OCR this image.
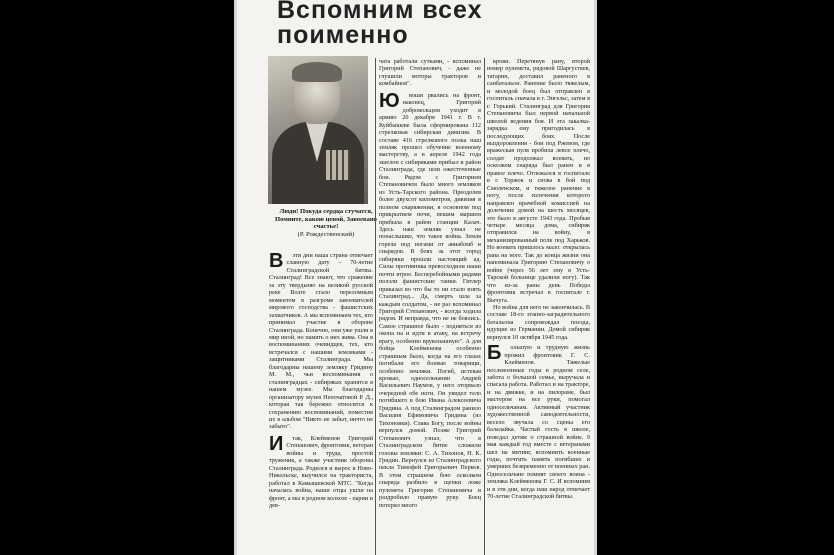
Вспомним всех
поименно
Люди! Покуда сердца стучатся, Помните, какою ценой, Завоевано счастье!
(Р. Рождественский)

В эти дни наша страна отмечает славную дату - 70-летие Сталинградской битвы. Сталинград! Все знают, что сражение за эту твердыню на великой русской реке Волге стало переломным моментом в разгроме завоевателей мирового господства - фашистских захватчиков. А мы вспоминаем тех, кто принимал участие в обороне Сталинграда. Конечно, они уже ушли в мир иной, но память о них жива. Она в воспоминаниях очевидцев, тех, кто встречался с нашими земляками - защитниками Сталинграда. Мы благодарны нашему земляку Гридину М. М., чьи воспоминания о сталинградцах - сибиряках хранятся в нашем музее. Мы благодарны организатору музея Непочатовой Р. Д., которая так бережно относится к сохранению воспоминаний, поместив их в альбом "Никто не забыт, ничто не забыто".

И так, Клейменов Григорий Степанович, фронтовик, ветеран войны и труда, простой труженик, а также участник обороны Сталинграда. Родился и вырос в Ново-Никольске, выучился на тракториста, работал в Камышевской МТС. "Когда началась война, наши отцы ушли на фронт, а мы в родном колхозе - парни и дев-

чата работали сутками, - вспоминал Григорий Степанович, - даже не глушили моторы тракторов и комбайнов".

Ю ноши рвались на фронт, наконец, Григорий добровольцем уходит в армию 20 декабря 1941 г. В г. Куйбышеве была сформирована 112 стрелковая сибирская дивизия. В составе 416 стрелкового полка наш земляк прошел обучение военному мастерству, а в апреле 1942 года эшелон с сибиряками прибыл в район Сталинграда, где шли ожесточенные бои. Рядом с Григорием Степановичем было много земляков из Усть-Тарского района. Преодолев более двухсот километров, дивизия в полном снаряжении, в основном под прикрытием ночи, пешим маршем прибыла в район станции Калач. Здесь наш земляк узнал не понаслышке, что такое война. Земля горела под ногами от авиабомб и снарядов. В боях за этот город сибиряки прошли настоящий ад. Силы противника превосходили наши почти втрое. Бесперебойными рядами ползли фашистские танки. Гитлер приказал во что бы то ни стало взять Сталинград... Да, смерть шла за каждым солдатом, - не раз вспоминал Григорий Степанович, - всегда ходила рядом. И неправда, что не не боялись. Самое страшное было - подняться из окопа на и идти в атаку, на встречу врагу, особенно врукопашную". А для бойца Клейменова особенно страшным было, когда на его глазах погибали его боевые товарищи, особенно земляки. Погиб, истекая кровью, одноcельчанин Андрей Васильевич Наумов, у него оторвало очередной обе ноги. Он увидел тело погибшего в бою Ивана Алексеевича Гридина. А под Сталинградом ранило Василия Ефимовича Гридина (из Тихоновки). Слава Богу, после войны вернулся домой. Позже Григорий Степанович узнал, что в Сталинградском битве сложили головы земляки: С. А. Тихонов, Н. К. Гридин. Вернулся из Сталинградского пекла Тимофей Григорьевич Перков. В этом страшном бою осколком снаряда разбило в щепки ложе пулемета Григория Степановича и раздробило правую руку. Боец потерял много

крови. Перетянув рану, второй номер пулемета, рядовой Шаргустяев, татарин, доставил раненого в санбатальон. Ранение было тяжелым, и молодой боец был отправлен в госпиталь сначала в г. Энгельс, затем в г. Горький. Сталинград для Григория Степановича был первой начальной школой ведения боя. И эта закалка-зарядка ему пригодилась в последующих боях. После выздоровления - бои под Ржевом, где вражеская пуля пробила левое плечо, солдат продолжал воевать, но осколком снаряда был ранен и в правое плечо. Отлежался в госпитале в г. Торжок и снова в бой под Смоленском, и тяжелое ранение в ногу, после излечения которого направлен врачебной комиссией на долечение домой на шесть месяцев, это было в августе 1943 года. Пробыв четыре месяца дома, сибиряк отправился на войну, в механизированный полк под Харьков. Но воевать пришлось мало: открылась рана на ноге. Так до конца жизни она напоминала Григорию Степановичу о войне (через 56 лет ему в Усть-Тарской больнице удалили ногу). Так что из-за раны день Победы фронтовик встречал в госпитале г. Вычуга.

Но война для него не закончилась. В составе 18-го этапно-заградительного батальона сопровождал поезда, идущие из Германии. Домой сибиряк вернулся 10 октября 1945 года.

Б ольшую и трудную жизнь прожил фронтовик Г. С. Клейменов. Тяжелые послевоенные годы в родном селе, забота о большой семье, выручала и спасала работа. Работал и на тракторе, и на движке, и на пилораме, был мастером на все руки, помогал одноcельчанам. Активный участник художественной самодеятельности, весело звучала со сцены его балалайка. Частый гость в школе, поведал детям о страшной войне. 9 мая каждый год вместе с ветеранами шел на митинг, вспомнить военные годы, почтить память погибших и умерших безвременно от военных ран. Односельчане помнят своего воина - земляка Клейменова Г. С. И вспомним и в эти дни, когда наш народ отмечает 70-летие Сталинградской битвы.
